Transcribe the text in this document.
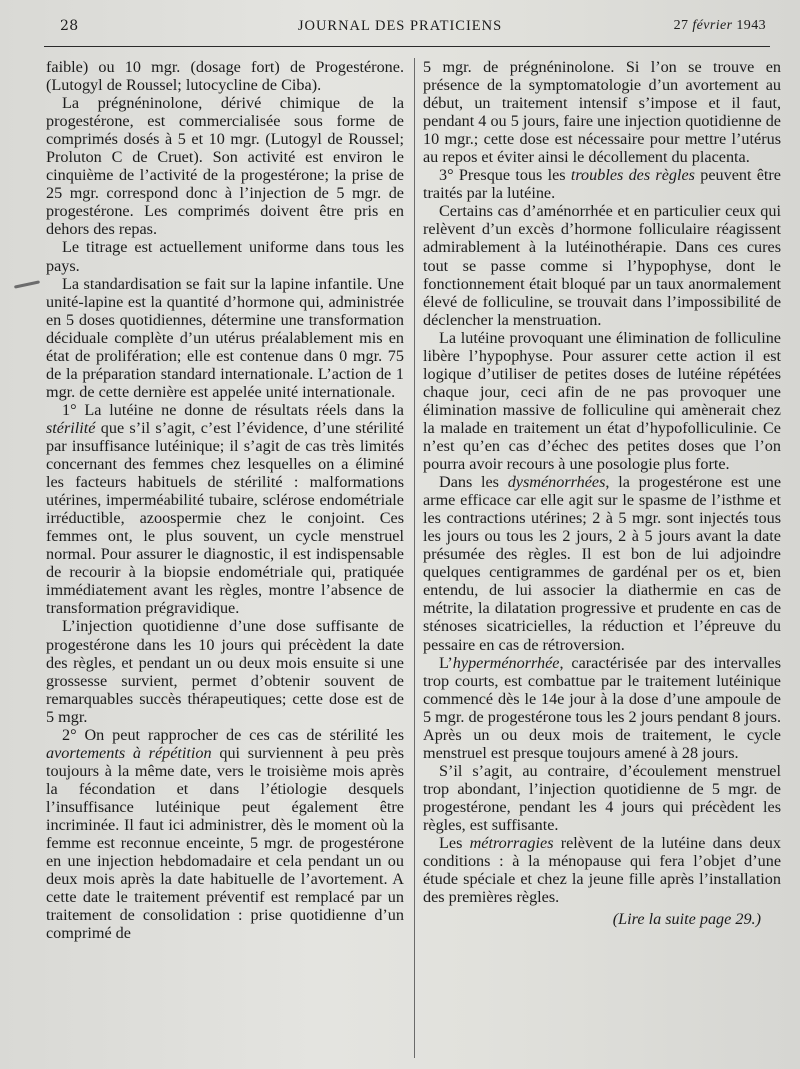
28	JOURNAL DES PRATICIENS	27 février 1943

faible) ou 10 mgr. (dosage fort) de Progestérone. (Lutogyl de Roussel; lutocycline de Ciba).

La prégnéninolone, dérivé chimique de la progestérone, est commercialisée sous forme de comprimés dosés à 5 et 10 mgr. (Lutogyl de Roussel; Proluton C de Cruet). Son activité est environ le cinquième de l’activité de la progestérone; la prise de 25 mgr. correspond donc à l’injection de 5 mgr. de progestérone. Les comprimés doivent être pris en dehors des repas.

Le titrage est actuellement uniforme dans tous les pays.

La standardisation se fait sur la lapine infantile. Une unité-lapine est la quantité d’hormone qui, administrée en 5 doses quotidiennes, détermine une transformation déciduale complète d’un utérus préalablement mis en état de prolifération; elle est contenue dans 0 mgr. 75 de la préparation standard internationale. L’action de 1 mgr. de cette dernière est appelée unité internationale.

1° La lutéine ne donne de résultats réels dans la stérilité que s’il s’agit, c’est l’évidence, d’une stérilité par insuffisance lutéinique; il s’agit de cas très limités concernant des femmes chez lesquelles on a éliminé les facteurs habituels de stérilité : malformations utérines, imperméabilité tubaire, sclérose endométriale irréductible, azoospermie chez le conjoint. Ces femmes ont, le plus souvent, un cycle menstruel normal. Pour assurer le diagnostic, il est indispensable de recourir à la biopsie endométriale qui, pratiquée immédiatement avant les règles, montre l’absence de transformation prégravidique.

L’injection quotidienne d’une dose suffisante de progestérone dans les 10 jours qui précèdent la date des règles, et pendant un ou deux mois ensuite si une grossesse survient, permet d’obtenir souvent de remarquables succès thérapeutiques; cette dose est de 5 mgr.

2° On peut rapprocher de ces cas de stérilité les avortements à répétition qui surviennent à peu près toujours à la même date, vers le troisième mois après la fécondation et dans l’étiologie desquels l’insuffisance lutéinique peut également être incriminée. Il faut ici administrer, dès le moment où la femme est reconnue enceinte, 5 mgr. de progestérone en une injection hebdomadaire et cela pendant un ou deux mois après la date habituelle de l’avortement. A cette date le traitement préventif est remplacé par un traitement de consolidation : prise quotidienne d’un comprimé de

5 mgr. de prégnéninolone. Si l’on se trouve en présence de la symptomatologie d’un avortement au début, un traitement intensif s’impose et il faut, pendant 4 ou 5 jours, faire une injection quotidienne de 10 mgr.; cette dose est nécessaire pour mettre l’utérus au repos et éviter ainsi le décollement du placenta.

3° Presque tous les troubles des règles peuvent être traités par la lutéine.

Certains cas d’aménorrhée et en particulier ceux qui relèvent d’un excès d’hormone folliculaire réagissent admirablement à la lutéinothérapie. Dans ces cures tout se passe comme si l’hypophyse, dont le fonctionnement était bloqué par un taux anormalement élevé de folliculine, se trouvait dans l’impossibilité de déclencher la menstruation.

La lutéine provoquant une élimination de folliculine libère l’hypophyse. Pour assurer cette action il est logique d’utiliser de petites doses de lutéine répétées chaque jour, ceci afin de ne pas provoquer une élimination massive de folliculine qui amènerait chez la malade en traitement un état d’hypofolliculinie. Ce n’est qu’en cas d’échec des petites doses que l’on pourra avoir recours à une posologie plus forte.

Dans les dysménorrhées, la progestérone est une arme efficace car elle agit sur le spasme de l’isthme et les contractions utérines; 2 à 5 mgr. sont injectés tous les jours ou tous les 2 jours, 2 à 5 jours avant la date présumée des règles. Il est bon de lui adjoindre quelques centigrammes de gardénal per os et, bien entendu, de lui associer la diathermie en cas de métrite, la dilatation progressive et prudente en cas de sténoses sicatricielles, la réduction et l’épreuve du pessaire en cas de rétroversion.

L’hyperménorrhée, caractérisée par des intervalles trop courts, est combattue par le traitement lutéinique commencé dès le 14e jour à la dose d’une ampoule de 5 mgr. de progestérone tous les 2 jours pendant 8 jours. Après un ou deux mois de traitement, le cycle menstruel est presque toujours amené à 28 jours.

S’il s’agit, au contraire, d’écoulement menstruel trop abondant, l’injection quotidienne de 5 mgr. de progestérone, pendant les 4 jours qui précèdent les règles, est suffisante.

Les métrorragies relèvent de la lutéine dans deux conditions : à la ménopause qui fera l’objet d’une étude spéciale et chez la jeune fille après l’installation des premières règles.

(Lire la suite page 29.)
